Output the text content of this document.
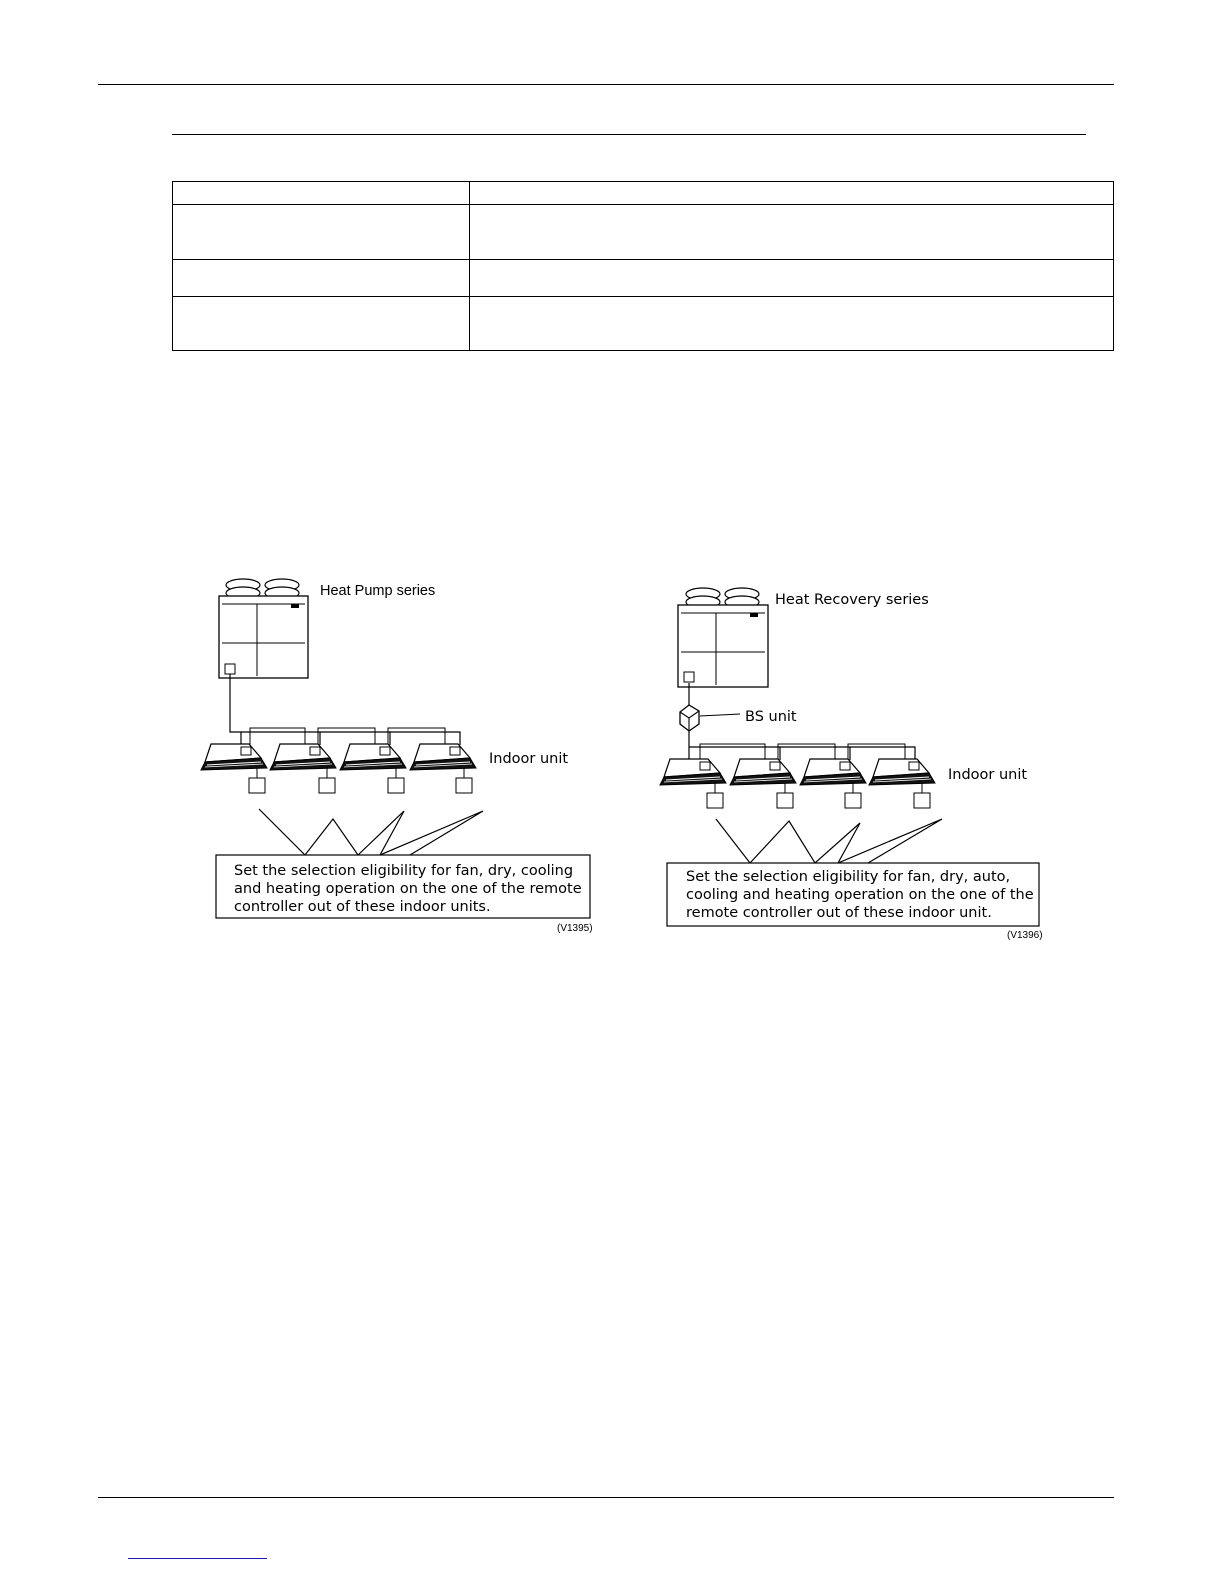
Set the selection eligibility for fan, dry, cooling
and heating operation on the one of the remote
controller out of these indoor units.
Heat Pump series
Indoor unit
(V1395)
BS unit
Set the selection eligibility for fan, dry, auto,
cooling and heating operation on the one of the
remote controller out of these indoor unit.
Heat Recovery series
Indoor unit
(V1396)
